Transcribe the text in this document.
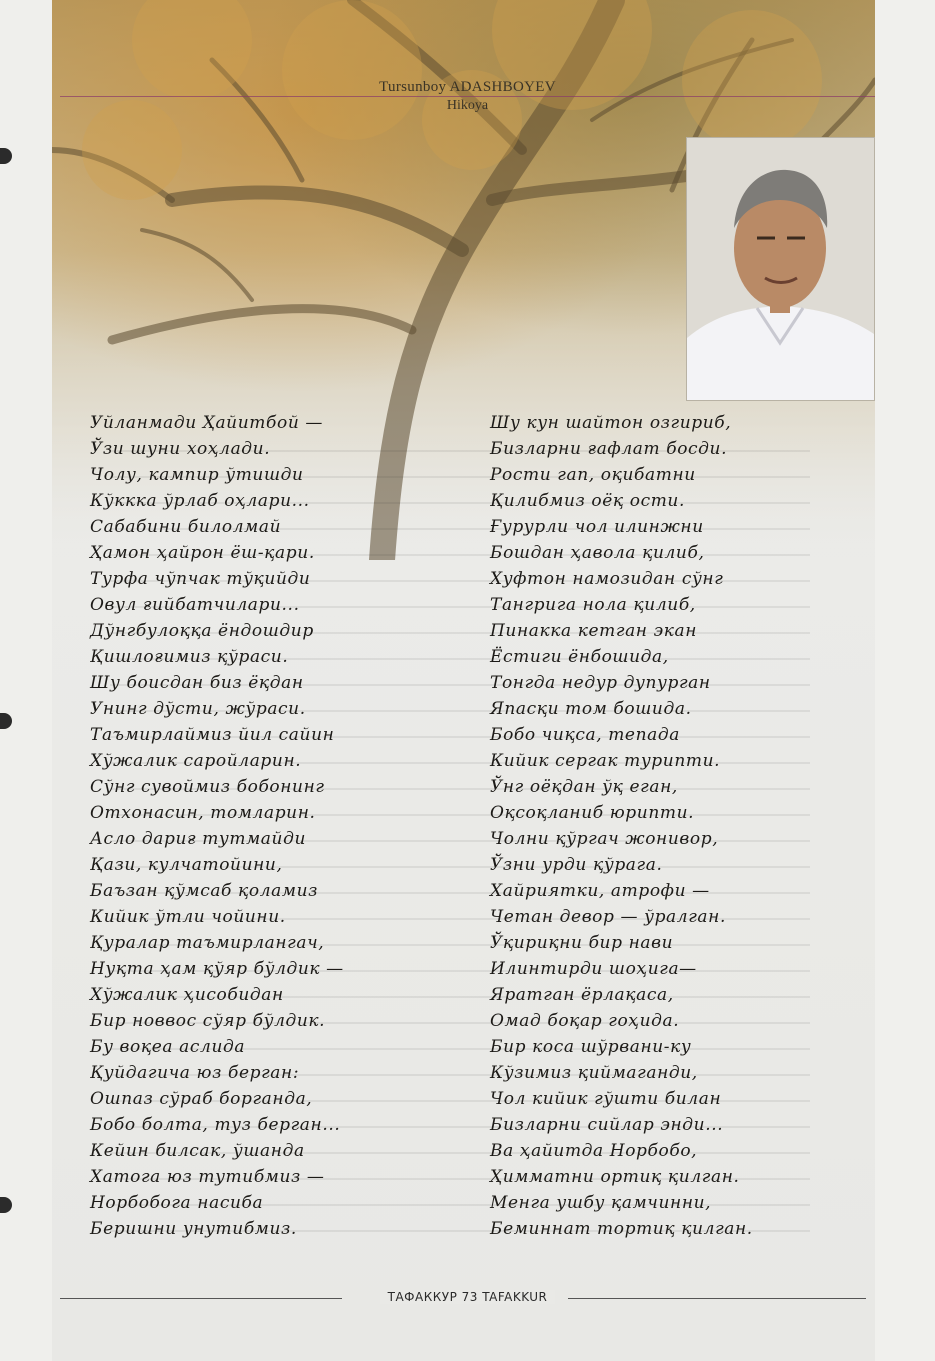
Tursunboy ADASHBOYEV
Hikoya
Уйланмади Ҳайитбой —
Ўзи шуни хоҳлади.
Чолу, кампир ўтишди
Кўккка ўрлаб оҳлари...
Сабабини билолмай
Ҳамон ҳайрон ёш-қари.
Турфа чўпчак тўқийди
Овул ғийбатчилари...
Дўнгбулоққа ёндошдир
Қишлоғимиз қўраси.
Шу боисдан биз ёқдан
Унинг дўсти, жўраси.
Таъмирлаймиз йил сайин
Хўжалик саройларин.
Сўнг сувоймиз бобонинг
Отхонасин, томларин.
Асло дариғ тутмайди
Қази, кулчатойини,
Баъзан қўмсаб қоламиз
Кийик ўтли чойини.
Қуралар таъмирлангач,
Нуқта ҳам қўяр бўлдик —
Хўжалик ҳисобидан
Бир новвос сўяр бўлдик.
Бу воқеа аслида
Қуйдагича юз берган:
Ошпаз сўраб борганда,
Бобо болта, туз берган...
Кейин билсак, ўшанда
Хатога юз тутибмиз —
Норбобога насиба
Беришни унутибмиз.
Шу кун шайтон озгириб,
Бизларни ғафлат босди.
Рости гап, оқибатни
Қилибмиз оёқ ости.
Ғурурли чол илинжни
Бошдан ҳавола қилиб,
Хуфтон намозидан сўнг
Тангрига нола қилиб,
Пинакка кетган экан
Ёстиги ёнбошида,
Тонгда недур дупурган
Япасқи том бошида.
Бобо чиқса, тепада
Кийик сергак турипти.
Ўнг оёқдан ўқ еган,
Оқсоқланиб юрипти.
Чолни қўргач жонивор,
Ўзни урди қўрага.
Хайриятки, атрофи —
Четан девор — ўралган.
Ўқириқни бир нави
Илинтирди шоҳига—
Яратган ёрлақаса,
Омад боқар гоҳида.
Бир коса шўрвани-ку
Кўзимиз қиймаганди,
Чол кийик гўшти билан
Бизларни сийлар энди...
Ва ҳайитда Норбобо,
Ҳимматни ортиқ қилган.
Менга ушбу қамчинни,
Беминнат тортиқ қилган.
ТАФАККУР 73 TAFAKKUR
